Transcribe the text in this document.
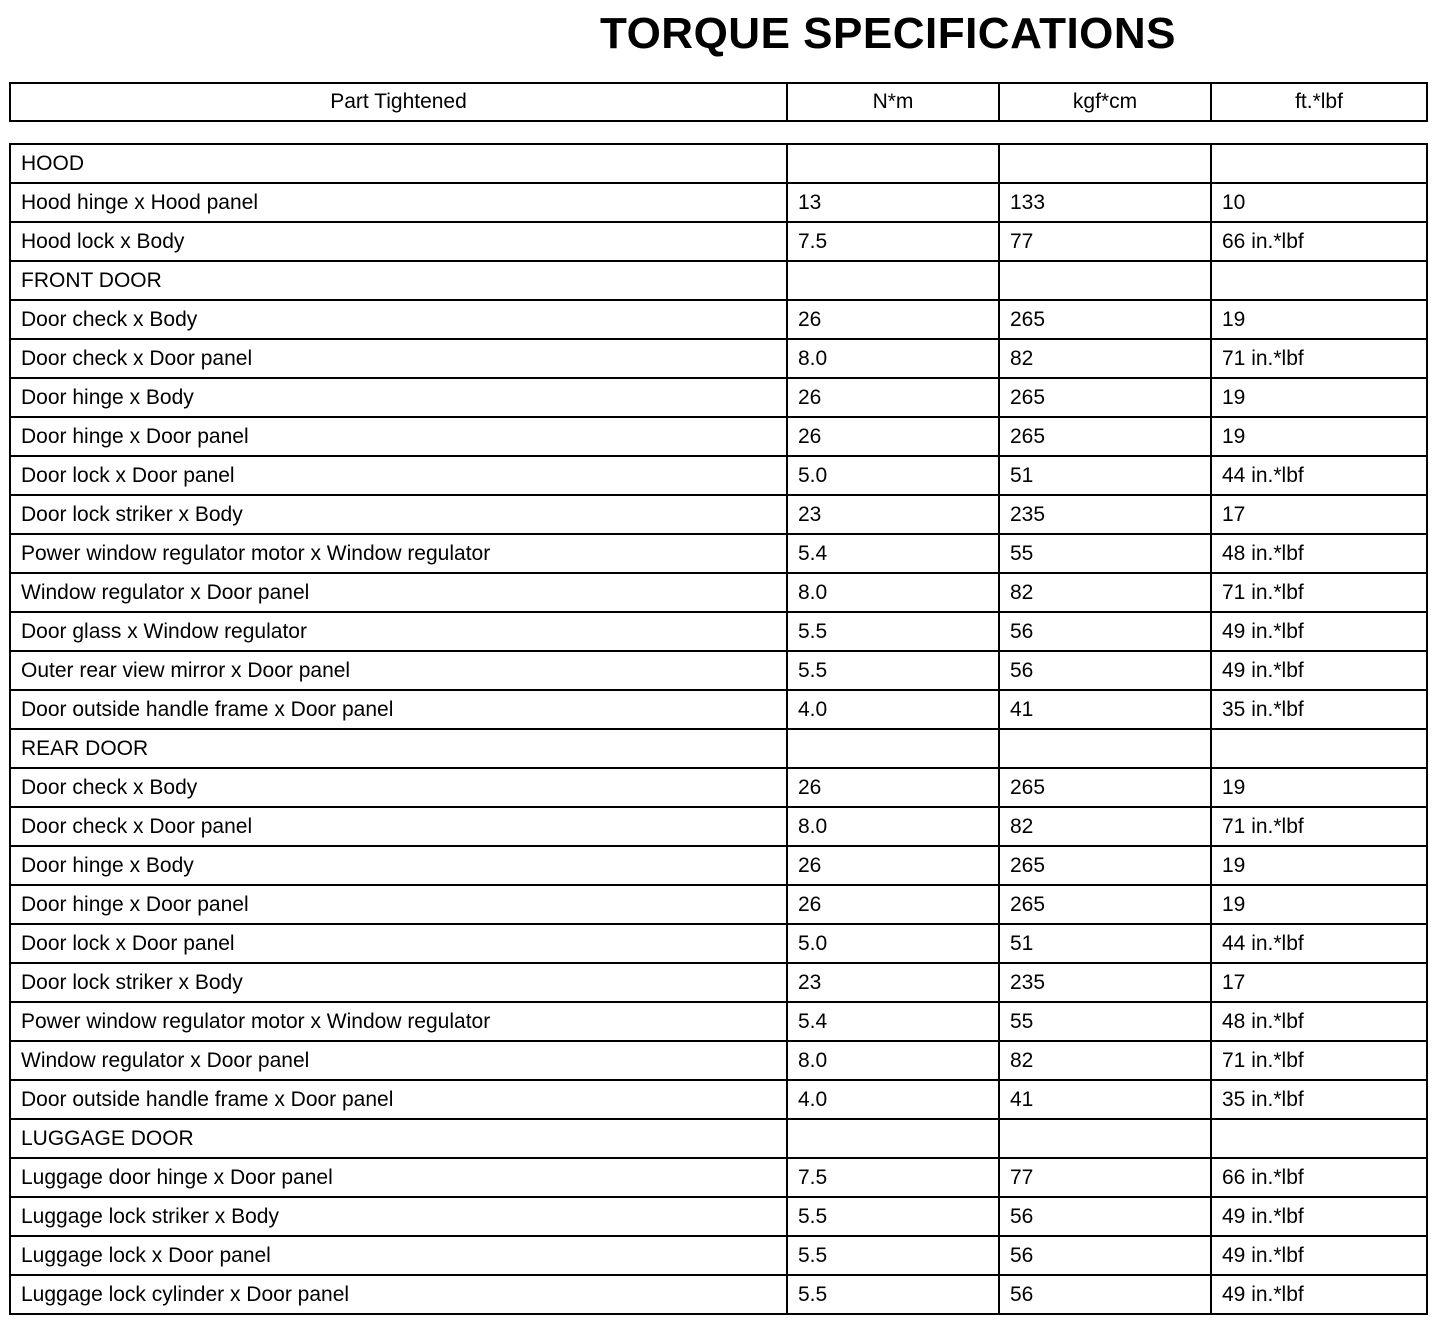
TORQUE SPECIFICATIONS
Part Tightened	N*m	kgf*cm	ft.*lbf
HOOD			
Hood hinge x Hood panel	13	133	10
Hood lock x Body	7.5	77	66 in.*lbf
FRONT DOOR			
Door check x Body	26	265	19
Door check x Door panel	8.0	82	71 in.*lbf
Door hinge x Body	26	265	19
Door hinge x Door panel	26	265	19
Door lock x Door panel	5.0	51	44 in.*lbf
Door lock striker x Body	23	235	17
Power window regulator motor x Window regulator	5.4	55	48 in.*lbf
Window regulator x Door panel	8.0	82	71 in.*lbf
Door glass x Window regulator	5.5	56	49 in.*lbf
Outer rear view mirror x Door panel	5.5	56	49 in.*lbf
Door outside handle frame x Door panel	4.0	41	35 in.*lbf
REAR DOOR			
Door check x Body	26	265	19
Door check x Door panel	8.0	82	71 in.*lbf
Door hinge x Body	26	265	19
Door hinge x Door panel	26	265	19
Door lock x Door panel	5.0	51	44 in.*lbf
Door lock striker x Body	23	235	17
Power window regulator motor x Window regulator	5.4	55	48 in.*lbf
Window regulator x Door panel	8.0	82	71 in.*lbf
Door outside handle frame x Door panel	4.0	41	35 in.*lbf
LUGGAGE DOOR			
Luggage door hinge x Door panel	7.5	77	66 in.*lbf
Luggage lock striker x Body	5.5	56	49 in.*lbf
Luggage lock x Door panel	5.5	56	49 in.*lbf
Luggage lock cylinder x Door panel	5.5	56	49 in.*lbf
